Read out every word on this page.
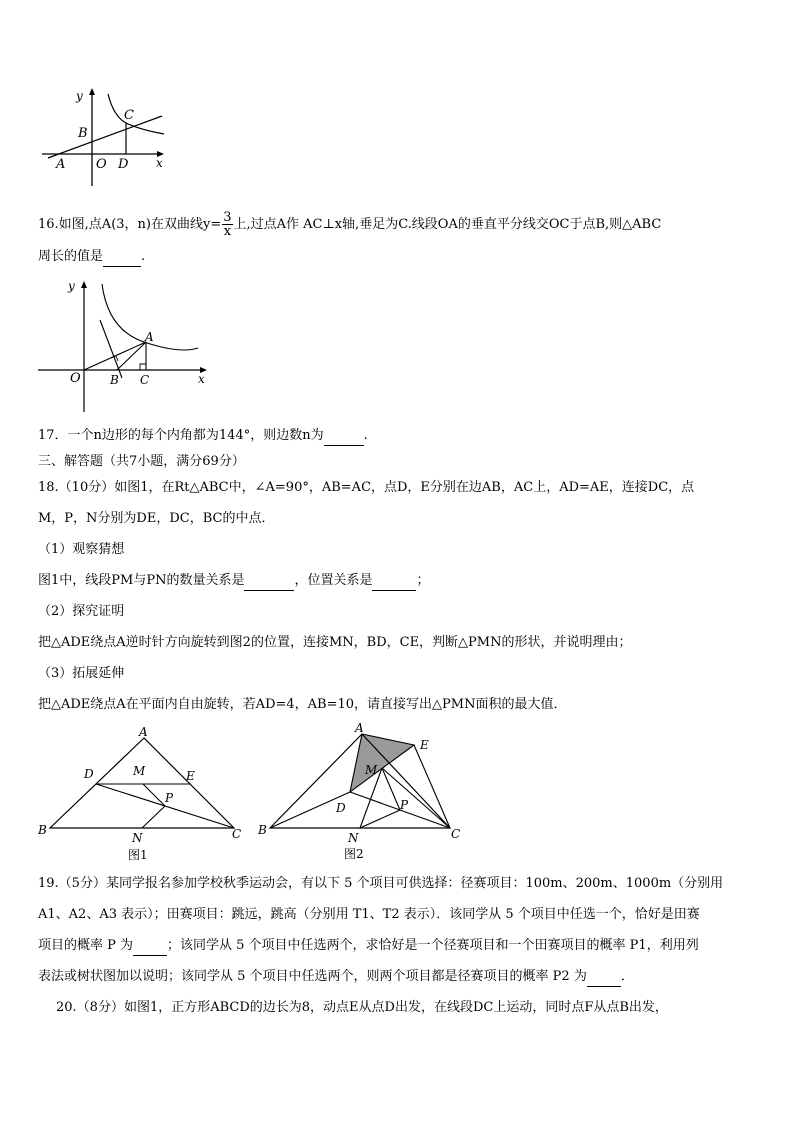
y
x
B
A O
C
D
16.如图,点A(3，n)在双曲线$y= \frac{3}{x}$ 上,过点A作 AC⊥x轴,垂足为C.线段OA的垂直平分线交OC于点B,则△ABC
周长的值是	.
y
x
O
A
B C
17．一个n边形的每个内角都为144°，则边数n为	.
三、解答题（共7小题，满分69分）
18.（10分）如图1，在Rt△ABC中，∠A=90°，AB=AC，点D，E分别在边AB，AC上，AD=AE，连接DC，点
M，P，N分别为DE，DC，BC的中点．
（1）观察猜想
图1中，线段PM与PN的数量关系是	，位置关系是	；
（2）探究证明
把△ADE绕点A逆时针方向旋转到图2的位置，连接MN，BD，CE，判断△PMN的形状，并说明理由；
（3）拓展延伸
把△ADE绕点A在平面内自由旋转，若AD=4，AB=10，请直接写出△PMN面积的最大值．
A
D	M	E
P
B
N	C
图1
A
E
M
D	P
B
N	C
图2
19.（5分）某同学报名参加学校秋季运动会，有以下 5 个项目可供选择：径赛项目：100m、200m、1000m（分别用
A1、A2、A3 表示）；田赛项目：跳远，跳高（分别用 T1、T2 表示）．该同学从 5 个项目中任选一个，恰好是田赛
项目的概率 P 为	；该同学从 5 个项目中任选两个，求恰好是一个径赛项目和一个田赛项目的概率 P1，利用列
表法或树状图加以说明；该同学从 5 个项目中任选两个，则两个项目都是径赛项目的概率 P2 为	．
20.（8分）如图1，正方形ABCD的边长为8，动点E从点D出发，在线段DC上运动，同时点F从点B出发，
